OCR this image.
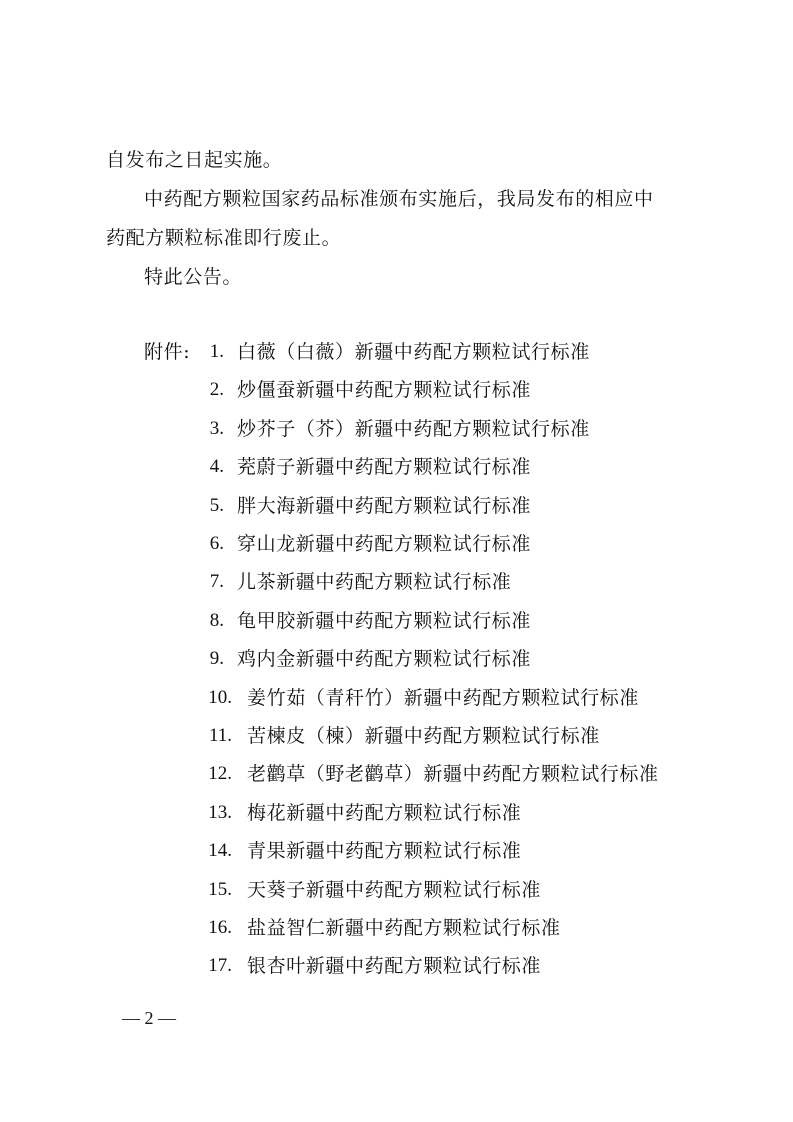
自发布之日起实施。
中药配方颗粒国家药品标准颁布实施后，我局发布的相应中
药配方颗粒标准即行废止。
特此公告。
附件:	1. 白薇（白薇）新疆中药配方颗粒试行标准
2. 炒僵蚕新疆中药配方颗粒试行标准
3. 炒芥子（芥）新疆中药配方颗粒试行标准
4. 茺蔚子新疆中药配方颗粒试行标准
5. 胖大海新疆中药配方颗粒试行标准
6. 穿山龙新疆中药配方颗粒试行标准
7. 儿茶新疆中药配方颗粒试行标准
8. 龟甲胶新疆中药配方颗粒试行标准
9. 鸡内金新疆中药配方颗粒试行标准
10. 姜竹茹（青秆竹）新疆中药配方颗粒试行标准
11. 苦楝皮（楝）新疆中药配方颗粒试行标准
12. 老鹳草（野老鹳草）新疆中药配方颗粒试行标准
13. 梅花新疆中药配方颗粒试行标准
14. 青果新疆中药配方颗粒试行标准
15. 天葵子新疆中药配方颗粒试行标准
16. 盐益智仁新疆中药配方颗粒试行标准
17. 银杏叶新疆中药配方颗粒试行标准
— 2 —
